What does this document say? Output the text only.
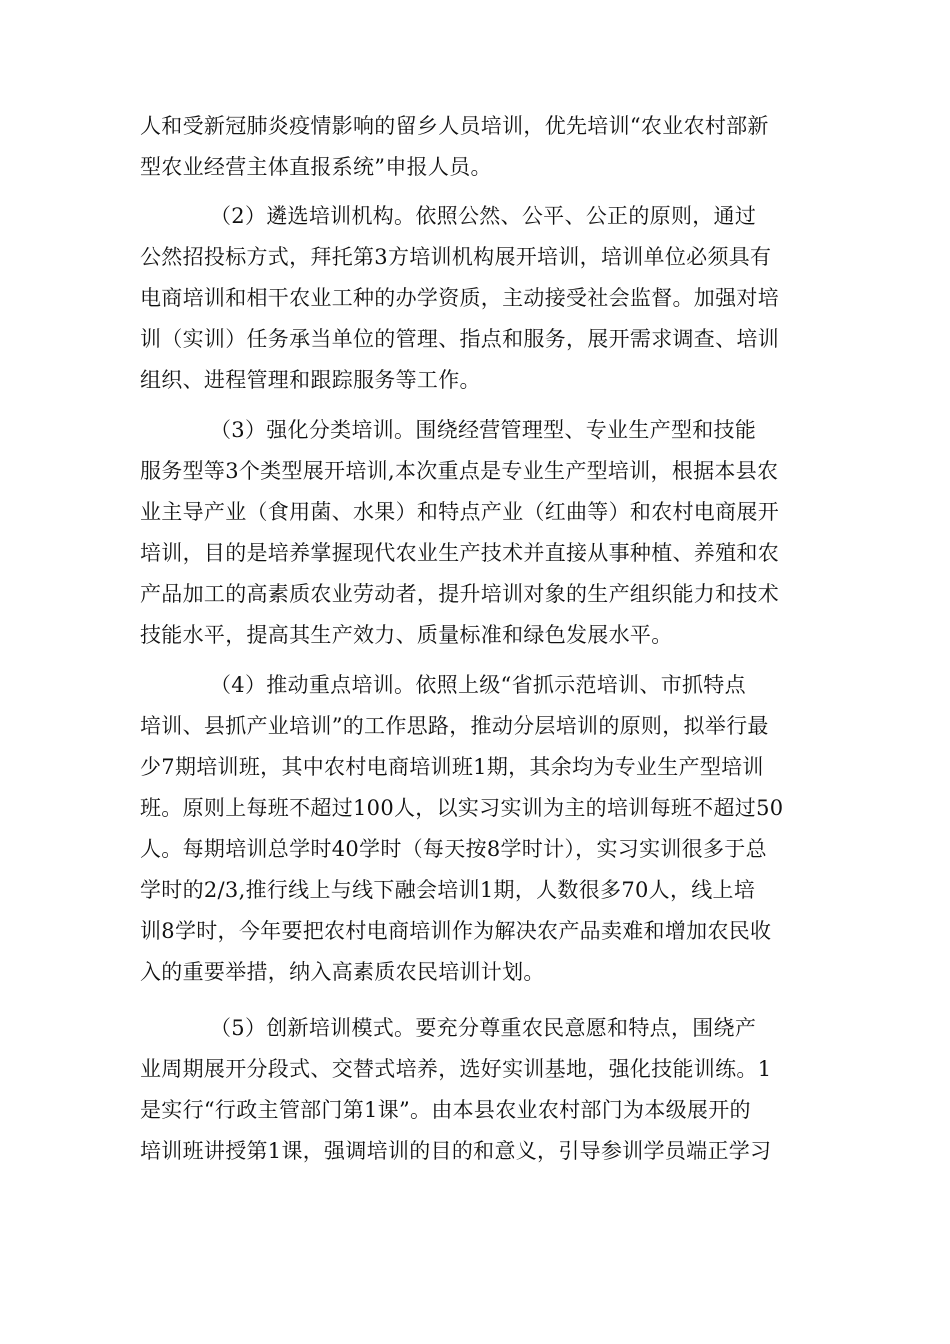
人和受新冠肺炎疫情影响的留乡人员培训，优先培训“农业农村部新
型农业经营主体直报系统”申报人员。
（2）遴选培训机构。依照公然、公平、公正的原则，通过
公然招投标方式，拜托第3方培训机构展开培训，培训单位必须具有
电商培训和相干农业工种的办学资质，主动接受社会监督。加强对培
训（实训）任务承当单位的管理、指点和服务，展开需求调查、培训
组织、进程管理和跟踪服务等工作。
（3）强化分类培训。围绕经营管理型、专业生产型和技能
服务型等3个类型展开培训,本次重点是专业生产型培训，根据本县农
业主导产业（食用菌、水果）和特点产业（红曲等）和农村电商展开
培训，目的是培养掌握现代农业生产技术并直接从事种植、养殖和农
产品加工的高素质农业劳动者，提升培训对象的生产组织能力和技术
技能水平，提高其生产效力、质量标准和绿色发展水平。
（4）推动重点培训。依照上级“省抓示范培训、市抓特点
培训、县抓产业培训”的工作思路，推动分层培训的原则，拟举行最
少7期培训班，其中农村电商培训班1期，其余均为专业生产型培训
班。原则上每班不超过100人，以实习实训为主的培训每班不超过50
人。每期培训总学时40学时（每天按8学时计），实习实训很多于总
学时的2/3,推行线上与线下融会培训1期，人数很多70人，线上培
训8学时，今年要把农村电商培训作为解决农产品卖难和增加农民收
入的重要举措，纳入高素质农民培训计划。
（5）创新培训模式。要充分尊重农民意愿和特点，围绕产
业周期展开分段式、交替式培养，选好实训基地，强化技能训练。1
是实行“行政主管部门第1课”。由本县农业农村部门为本级展开的
培训班讲授第1课，强调培训的目的和意义，引导参训学员端正学习
